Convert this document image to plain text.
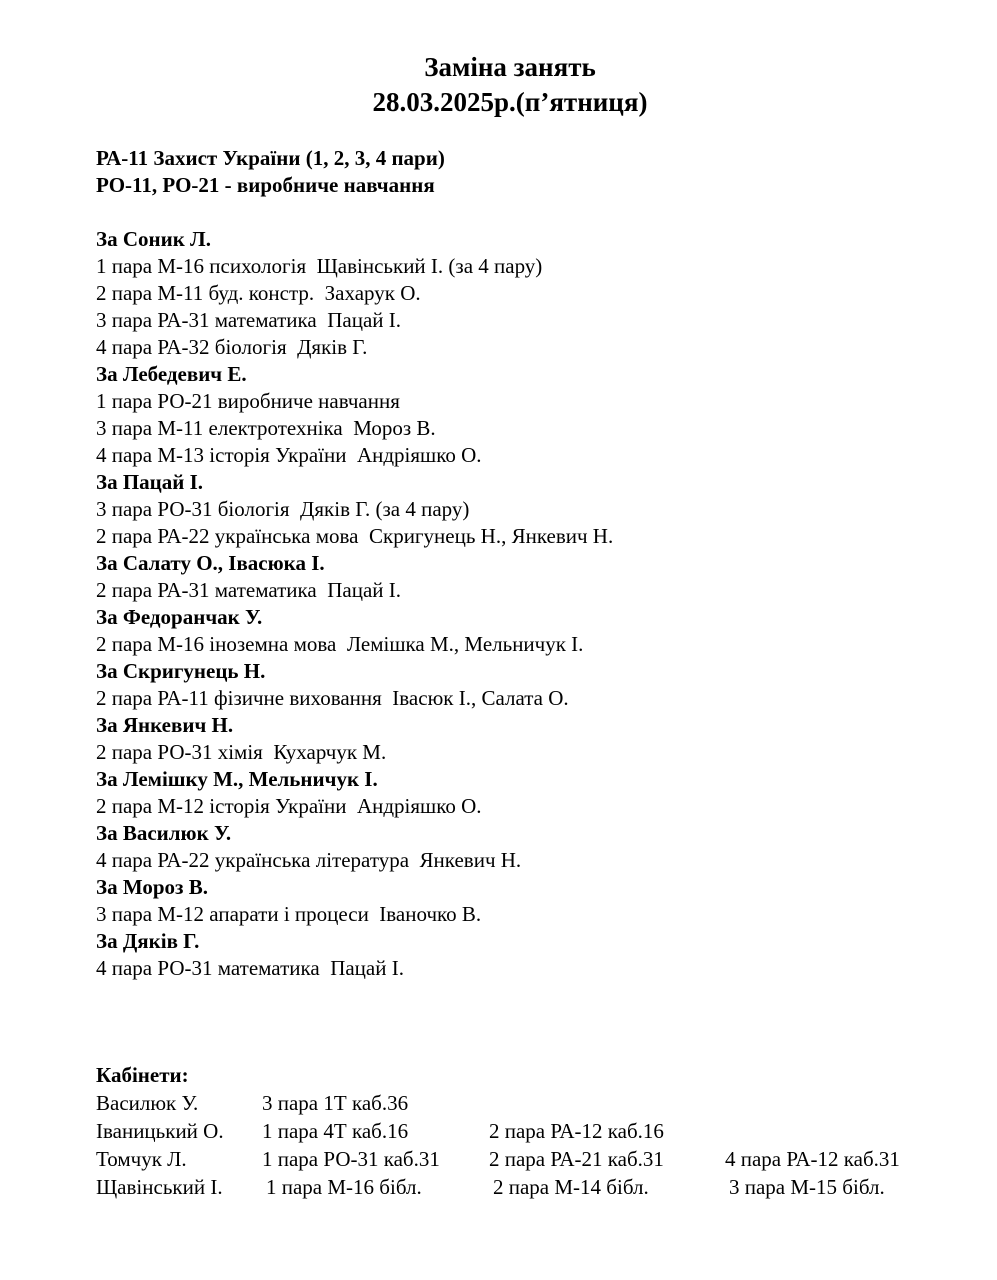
Заміна занять
28.03.2025р.(п’ятниця)
РА-11 Захист України (1, 2, 3, 4 пари)
РО-11, РО-21 - виробниче навчання
За Соник Л.
1 пара М-16 психологія  Щавінський І. (за 4 пару)
2 пара М-11 буд. констр.  Захарук О.
3 пара РА-31 математика  Пацай І.
4 пара РА-32 біологія  Дяків Г.
За Лебедевич Е.
1 пара РО-21 виробниче навчання
3 пара М-11 електротехніка  Мороз В.
4 пара М-13 історія України  Андріяшко О.
За Пацай І.
3 пара РО-31 біологія  Дяків Г. (за 4 пару)
2 пара РА-22 українська мова  Скригунець Н., Янкевич Н.
За Салату О., Івасюка І.
2 пара РА-31 математика  Пацай І.
За Федоранчак У.
2 пара М-16 іноземна мова  Лемішка М., Мельничук І.
За Скригунець Н.
2 пара РА-11 фізичне виховання  Івасюк І., Салата О.
За Янкевич Н.
2 пара РО-31 хімія  Кухарчук М.
За Лемішку М., Мельничук І.
2 пара М-12 історія України  Андріяшко О.
За Василюк У.
4 пара РА-22 українська література  Янкевич Н.
За Мороз В.
3 пара М-12 апарати і процеси  Іваночко В.
За Дяків Г.
4 пара РО-31 математика  Пацай І.
Кабінети:
Василюк У.	3 пара 1Т каб.36
Іваницький О. 1 пара 4Т каб.16	2 пара РА-12 каб.16
Томчук Л.	1 пара РО-31 каб.31 2 пара РА-21 каб.31	4 пара РА-12 каб.31
Щавінський І. 1 пара М-16 бібл.	2 пара М-14 бібл.	3 пара М-15 бібл.
